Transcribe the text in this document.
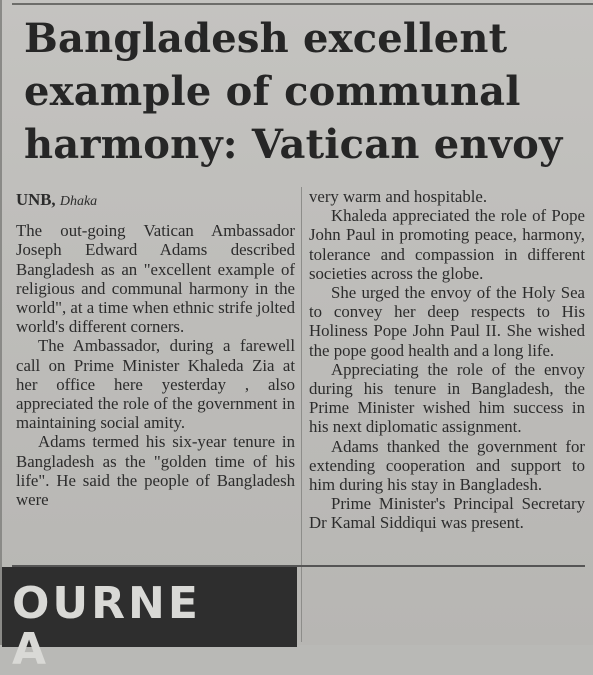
Bangladesh excellent example of communal harmony: Vatican envoy

UNB, Dhaka

The out-going Vatican Ambassador Joseph Edward Adams described Bangladesh as an "excellent example of religious and communal harmony in the world", at a time when ethnic strife jolted world's different corners.

The Ambassador, during a farewell call on Prime Minister Khaleda Zia at her office here yesterday , also appreciated the role of the government in maintaining social amity.

Adams termed his six-year tenure in Bangladesh as the "golden time of his life". He said the people of Bangladesh were

very warm and hospitable.

Khaleda appreciated the role of Pope John Paul in promoting peace, harmony, tolerance and compassion in different societies across the globe.

She urged the envoy of the Holy Sea to convey her deep respects to His Holiness Pope John Paul II. She wished the pope good health and a long life.

Appreciating the role of the envoy during his tenure in Bangladesh, the Prime Minister wished him success in his next diplomatic assignment.

Adams thanked the government for extending cooperation and support to him during his stay in Bangladesh.

Prime Minister's Principal Secretary Dr Kamal Siddiqui was present.

OURNE
A
